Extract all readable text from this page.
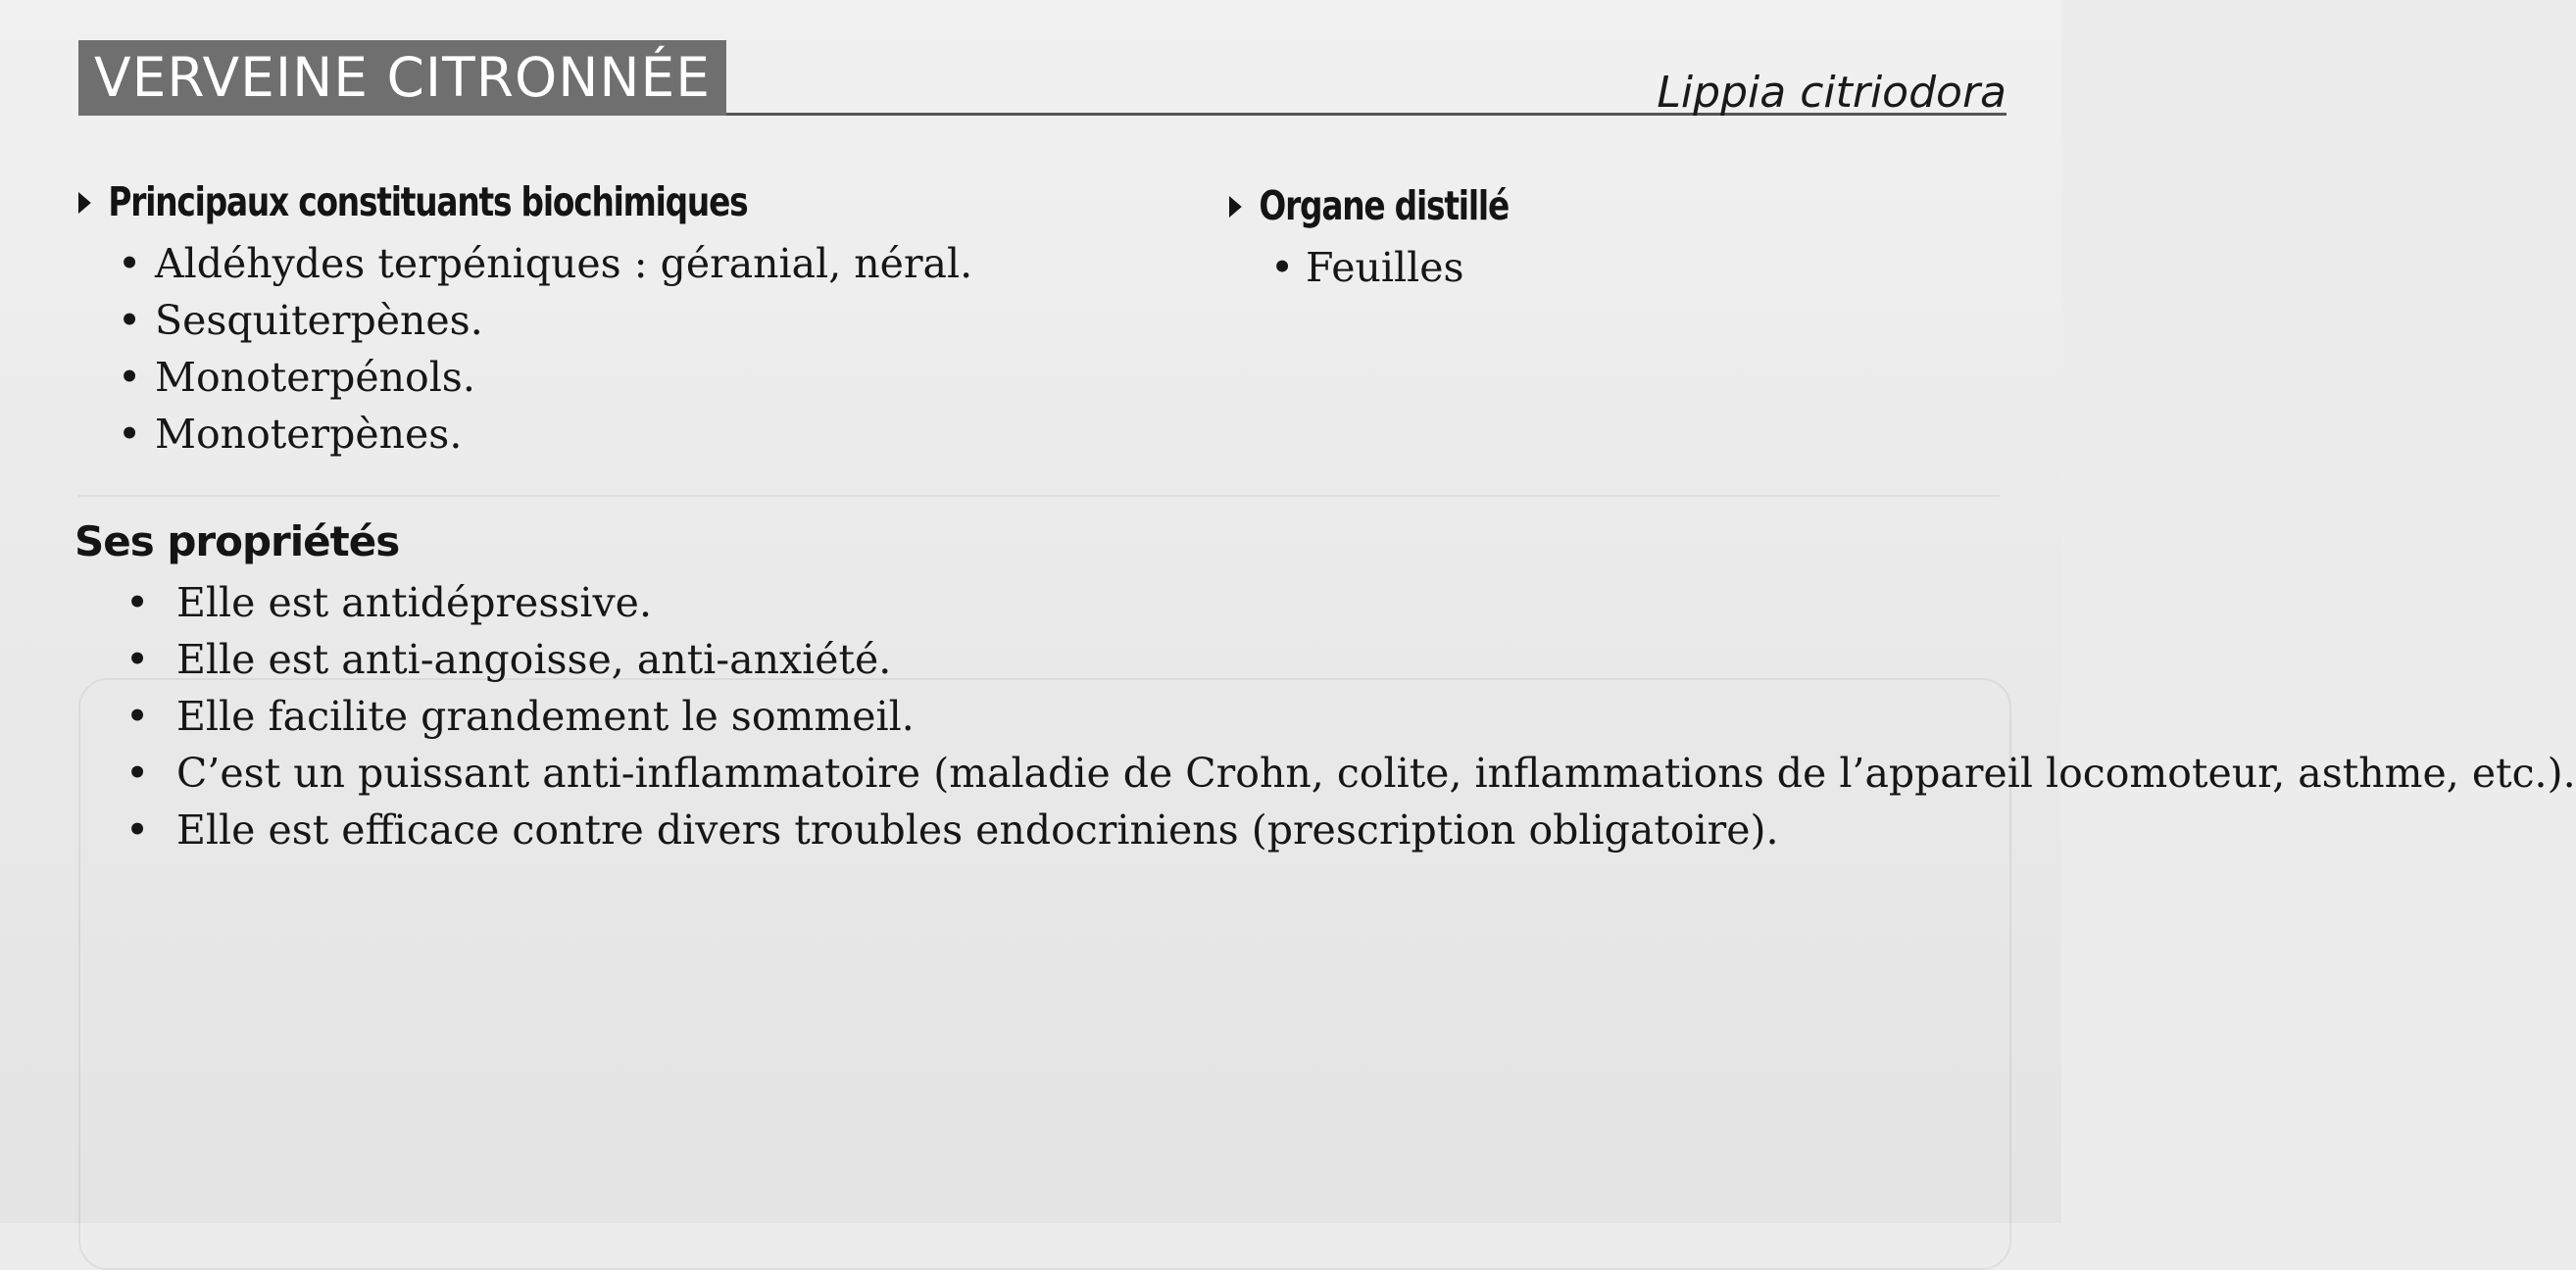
VERVEINE CITRONNÉE	Lippia citriodora
Principaux constituants biochimiques
• Aldéhydes terpéniques : géranial, néral.
• Sesquiterpènes.
• Monoterpénols.
• Monoterpènes.
Organe distillé
• Feuilles
Ses propriétés
• Elle est antidépressive.
• Elle est anti-angoisse, anti-anxiété.
• Elle facilite grandement le sommeil.
• C’est un puissant anti-inflammatoire (maladie de Crohn, colite, inflammations de l’appareil locomoteur, asthme, etc.).
• Elle est efficace contre divers troubles endocriniens (prescription obligatoire).
